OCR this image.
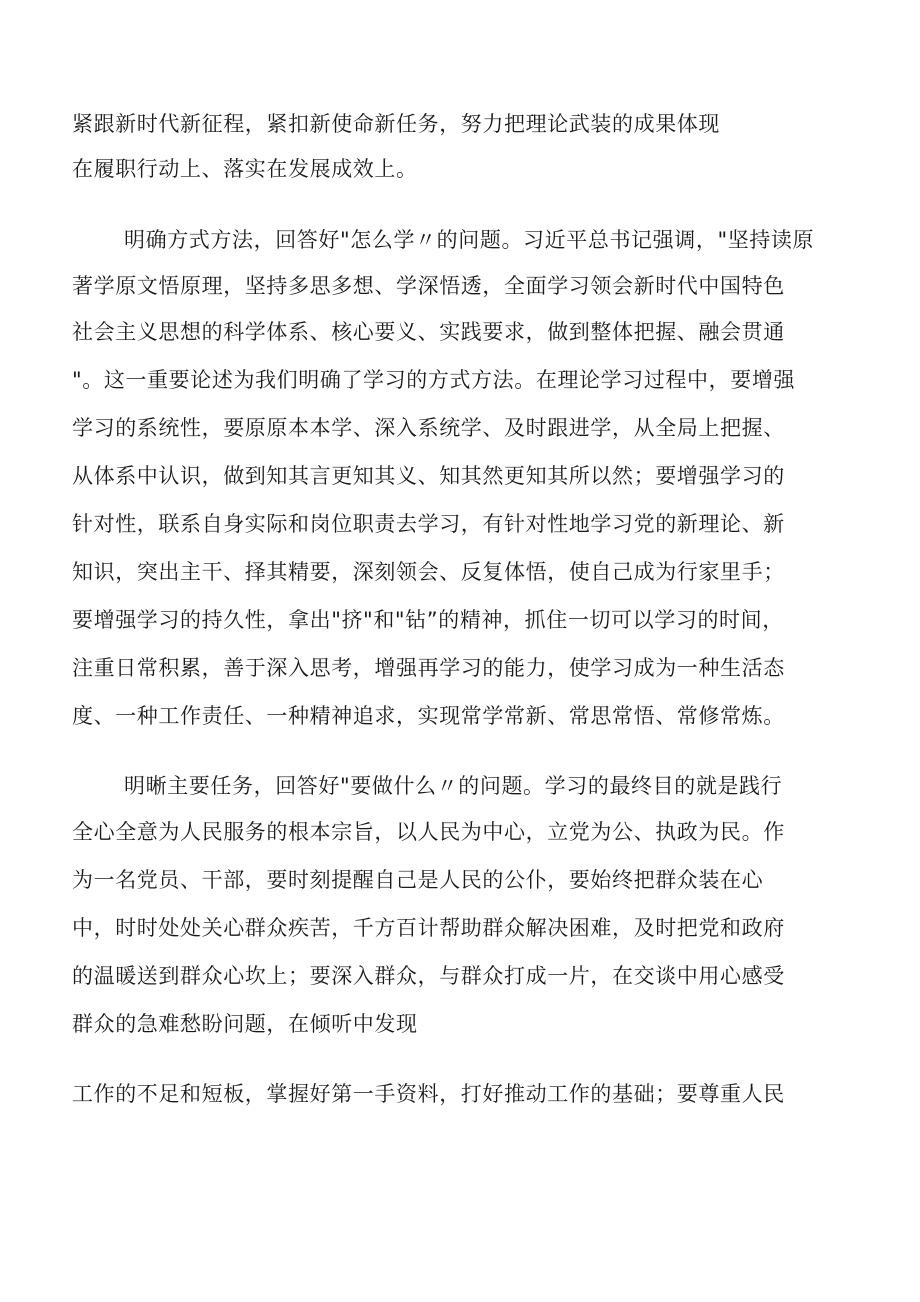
紧跟新时代新征程，紧扣新使命新任务，努力把理论武装的成果体现
在履职行动上、落实在发展成效上。
明确方式方法，回答好"怎么学〃的问题。习近平总书记强调，"坚持读原
著学原文悟原理，坚持多思多想、学深悟透，全面学习领会新时代中国特色
社会主义思想的科学体系、核心要义、实践要求，做到整体把握、融会贯通
"。这一重要论述为我们明确了学习的方式方法。在理论学习过程中，要增强
学习的系统性，要原原本本学、深入系统学、及时跟进学，从全局上把握、
从体系中认识，做到知其言更知其义、知其然更知其所以然；要增强学习的
针对性，联系自身实际和岗位职责去学习，有针对性地学习党的新理论、新
知识，突出主干、择其精要，深刻领会、反复体悟，使自己成为行家里手；
要增强学习的持久性，拿出"挤"和"钻”的精神，抓住一切可以学习的时间，
注重日常积累，善于深入思考，增强再学习的能力，使学习成为一种生活态
度、一种工作责任、一种精神追求，实现常学常新、常思常悟、常修常炼。
明晰主要任务，回答好"要做什么〃的问题。学习的最终目的就是践行
全心全意为人民服务的根本宗旨，以人民为中心，立党为公、执政为民。作
为一名党员、干部，要时刻提醒自己是人民的公仆，要始终把群众装在心
中，时时处处关心群众疾苦，千方百计帮助群众解决困难，及时把党和政府
的温暖送到群众心坎上；要深入群众，与群众打成一片，在交谈中用心感受
群众的急难愁盼问题，在倾听中发现
工作的不足和短板，掌握好第一手资料，打好推动工作的基础；要尊重人民
